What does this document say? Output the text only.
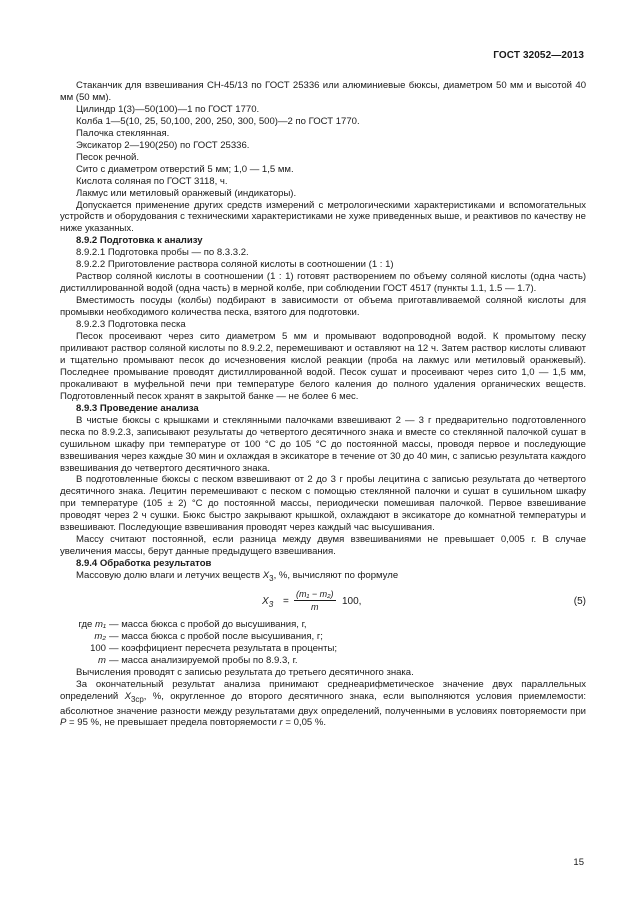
ГОСТ 32052—2013

Стаканчик для взвешивания СН-45/13 по ГОСТ 25336 или алюминиевые бюксы, диаметром 50 мм и высотой 40 мм (50 мм).

Цилиндр 1(3)—50(100)—1 по ГОСТ 1770.

Колба 1—5(10, 25, 50,100, 200, 250, 300, 500)—2 по ГОСТ 1770.

Палочка стеклянная.

Эксикатор 2—190(250) по ГОСТ 25336.

Песок речной.

Сито с диаметром отверстий 5 мм; 1,0 — 1,5 мм.

Кислота соляная по ГОСТ 3118, ч.

Лакмус или метиловый оранжевый (индикаторы).

Допускается применение других средств измерений с метрологическими характеристиками и вспомогательных устройств и оборудования с техническими характеристиками не хуже приведенных выше, и реактивов по качеству не ниже указанных.

8.9.2 Подготовка к анализу

8.9.2.1 Подготовка пробы — по 8.3.3.2.

8.9.2.2 Приготовление раствора соляной кислоты в соотношении (1 : 1)

Раствор соляной кислоты в соотношении (1 : 1) готовят растворением по объему соляной кислоты (одна часть) дистиллированной водой (одна часть) в мерной колбе, при соблюдении ГОСТ 4517 (пункты 1.1, 1.5 — 1.7).

Вместимость посуды (колбы) подбирают в зависимости от объема приготавливаемой соляной кислоты для промывки необходимого количества песка, взятого для подготовки.

8.9.2.3 Подготовка песка

Песок просеивают через сито диаметром 5 мм и промывают водопроводной водой. К промытому песку приливают раствор соляной кислоты по 8.9.2.2, перемешивают и оставляют на 12 ч. Затем раствор кислоты сливают и тщательно промывают песок до исчезновения кислой реакции (проба на лакмус или метиловый оранжевый). Последнее промывание проводят дистиллированной водой. Песок сушат и просеивают через сито 1,0 — 1,5 мм, прокаливают в муфельной печи при температуре белого каления до полного удаления органических веществ. Подготовленный песок хранят в закрытой банке — не более 6 мес.

8.9.3 Проведение анализа

В чистые бюксы с крышками и стеклянными палочками взвешивают 2 — 3 г предварительно подготовленного песка по 8.9.2.3, записывают результаты до четвертого десятичного знака и вместе со стеклянной палочкой сушат в сушильном шкафу при температуре от 100 °С до 105 °С до постоянной массы, проводя первое и последующие взвешивания через каждые 30 мин и охлаждая в эксикаторе в течение от 30 до 40 мин, с записью результата каждого взвешивания до четвертого десятичного знака.

В подготовленные бюксы с песком взвешивают от 2 до 3 г пробы лецитина с записью результата до четвертого десятичного знака. Лецитин перемешивают с песком с помощью стеклянной палочки и сушат в сушильном шкафу при температуре (105 ± 2) °С до постоянной массы, периодически помешивая палочкой. Первое взвешивание проводят через 2 ч сушки. Бюкс быстро закрывают крышкой, охлаждают в эксикаторе до комнатной температуры и взвешивают. Последующие взвешивания проводят через каждый час высушивания.

Массу считают постоянной, если разница между двумя взвешиваниями не превышает 0,005 г. В случае увеличения массы, берут данные предыдущего взвешивания.

8.9.4 Обработка результатов

Массовую долю влаги и летучих веществ $X_3$, %, вычисляют по формуле

$X_3 = \frac{\text{(m₁ − m₂)}}{m} 100$,	(5)
где m₁ — масса бюкса с пробой до высушивания, г,
m₂ — масса бюкса с пробой после высушивания, г;
100 — коэффициент пересчета результата в проценты;
m — масса анализируемой пробы по 8.9.3, г.

Вычисления проводят с записью результата до третьего десятичного знака.

За окончательный результат анализа принимают среднеарифметическое значение двух параллельных определений $X_{3ср}$, %, округленное до второго десятичного знака, если выполняются условия приемлемости: абсолютное значение разности между результатами двух определений, полученными в условиях повторяемости при P = 95 %, не превышает предела повторяемости r = 0,05 %.

15
